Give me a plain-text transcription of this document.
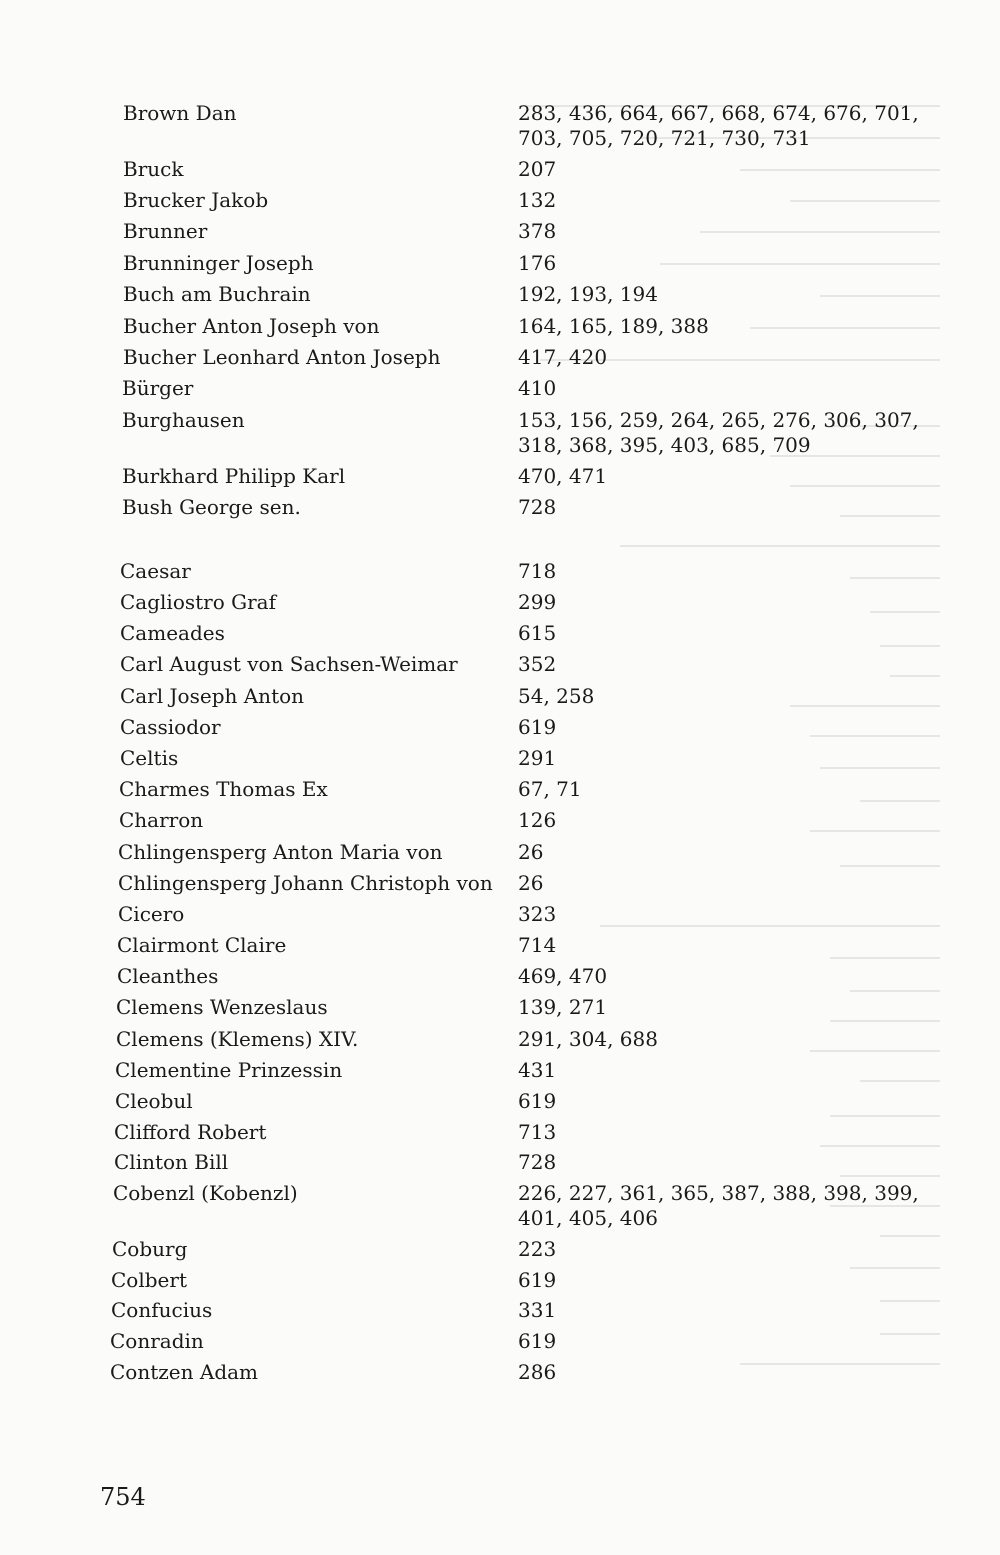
Brown Dan	283, 436, 664, 667, 668, 674, 676, 701,
703, 705, 720, 721, 730, 731
Bruck	207
Brucker Jakob	132
Brunner	378
Brunninger Joseph	176
Buch am Buchrain	192, 193, 194
Bucher Anton Joseph von	164, 165, 189, 388
Bucher Leonhard Anton Joseph	417, 420
Bürger	410
Burghausen	153, 156, 259, 264, 265, 276, 306, 307,
318, 368, 395, 403, 685, 709
Burkhard Philipp Karl	470, 471
Bush George sen.	728
Caesar	718
Cagliostro Graf	299
Cameades	615
Carl August von Sachsen-Weimar	352
Carl Joseph Anton	54, 258
Cassiodor	619
Celtis	291
Charmes Thomas Ex	67, 71
Charron	126
Chlingensperg Anton Maria von	26
Chlingensperg Johann Christoph von 26
Cicero	323
Clairmont Claire	714
Cleanthes	469, 470
Clemens Wenzeslaus	139, 271
Clemens (Klemens) XIV.	291, 304, 688
Clementine Prinzessin	431
Cleobul	619
Clifford Robert	713
Clinton Bill	728
Cobenzl (Kobenzl)	226, 227, 361, 365, 387, 388, 398, 399,
401, 405, 406
Coburg	223
Colbert	619
Confucius	331
Conradin	619
Contzen Adam	286
754
